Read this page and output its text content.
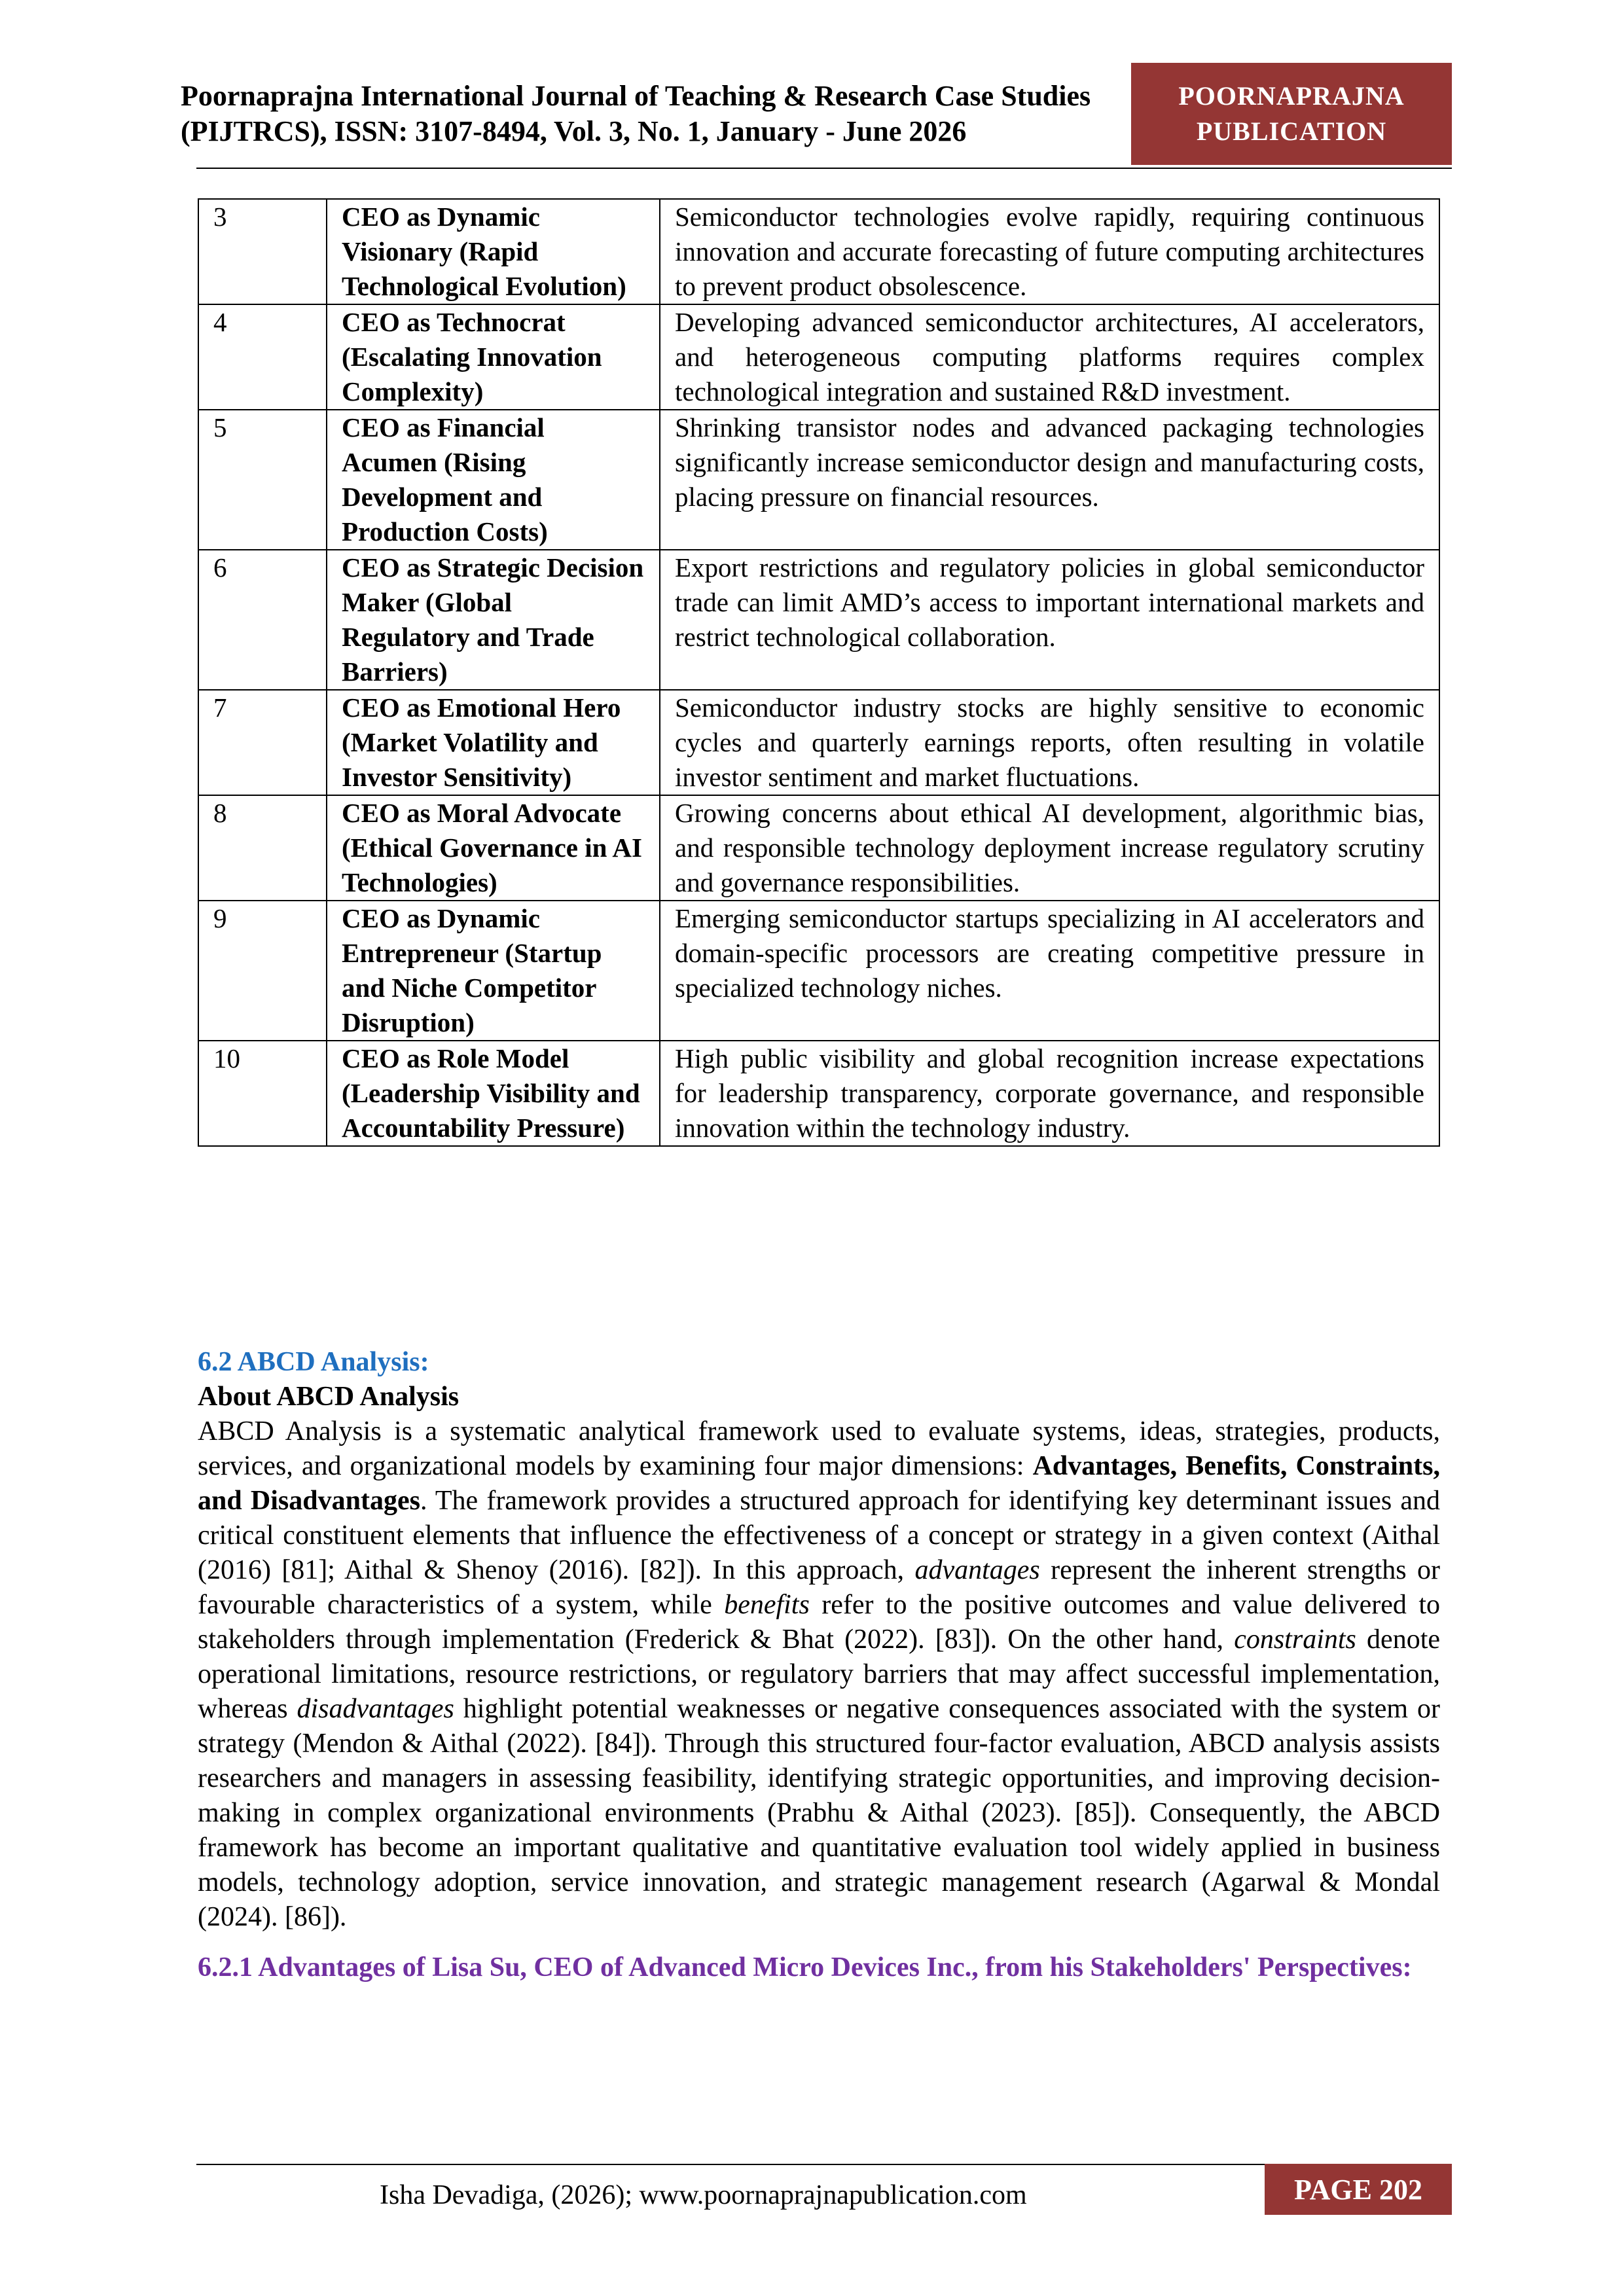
Poornaprajna International Journal of Teaching & Research Case Studies (PIJTRCS), ISSN: 3107-8494, Vol. 3, No. 1, January - June 2026
POORNAPRAJNA
PUBLICATION
3	CEO as Dynamic Visionary (Rapid Technological Evolution)	Semiconductor technologies evolve rapidly, requiring continuous innovation and accurate forecasting of future computing architectures to prevent product obsolescence.
4	CEO as Technocrat (Escalating Innovation Complexity)	Developing advanced semiconductor architectures, AI accelerators, and heterogeneous computing platforms requires complex technological integration and sustained R&D investment.
5	CEO as Financial Acumen (Rising Development and Production Costs)	Shrinking transistor nodes and advanced packaging technologies significantly increase semiconductor design and manufacturing costs, placing pressure on financial resources.
6	CEO as Strategic Decision Maker (Global Regulatory and Trade Barriers)	Export restrictions and regulatory policies in global semiconductor trade can limit AMD’s access to important international markets and restrict technological collaboration.
7	CEO as Emotional Hero (Market Volatility and Investor Sensitivity)	Semiconductor industry stocks are highly sensitive to economic cycles and quarterly earnings reports, often resulting in volatile investor sentiment and market fluctuations.
8	CEO as Moral Advocate (Ethical Governance in AI Technologies)	Growing concerns about ethical AI development, algorithmic bias, and responsible technology deployment increase regulatory scrutiny and governance responsibilities.
9	CEO as Dynamic Entrepreneur (Startup and Niche Competitor Disruption)	Emerging semiconductor startups specializing in AI accelerators and domain-specific processors are creating competitive pressure in specialized technology niches.
10	CEO as Role Model (Leadership Visibility and Accountability Pressure)	High public visibility and global recognition increase expectations for leadership transparency, corporate governance, and responsible innovation within the technology industry.
6.2 ABCD Analysis:
About ABCD Analysis
ABCD Analysis is a systematic analytical framework used to evaluate systems, ideas, strategies, products, services, and organizational models by examining four major dimensions: Advantages, Benefits, Constraints, and Disadvantages. The framework provides a structured approach for identifying key determinant issues and critical constituent elements that influence the effectiveness of a concept or strategy in a given context (Aithal (2016) [81]; Aithal & Shenoy (2016). [82]). In this approach, advantages represent the inherent strengths or favourable characteristics of a system, while benefits refer to the positive outcomes and value delivered to stakeholders through implementation (Frederick & Bhat (2022). [83]). On the other hand, constraints denote operational limitations, resource restrictions, or regulatory barriers that may affect successful implementation, whereas disadvantages highlight potential weaknesses or negative consequences associated with the system or strategy (Mendon & Aithal (2022). [84]). Through this structured four-factor evaluation, ABCD analysis assists researchers and managers in assessing feasibility, identifying strategic opportunities, and improving decision-making in complex organizational environments (Prabhu & Aithal (2023). [85]). Consequently, the ABCD framework has become an important qualitative and quantitative evaluation tool widely applied in business models, technology adoption, service innovation, and strategic management research (Agarwal & Mondal (2024). [86]).
6.2.1 Advantages of Lisa Su, CEO of Advanced Micro Devices Inc., from his Stakeholders' Perspectives:
Isha Devadiga, (2026); www.poornaprajnapublication.com	PAGE 202
